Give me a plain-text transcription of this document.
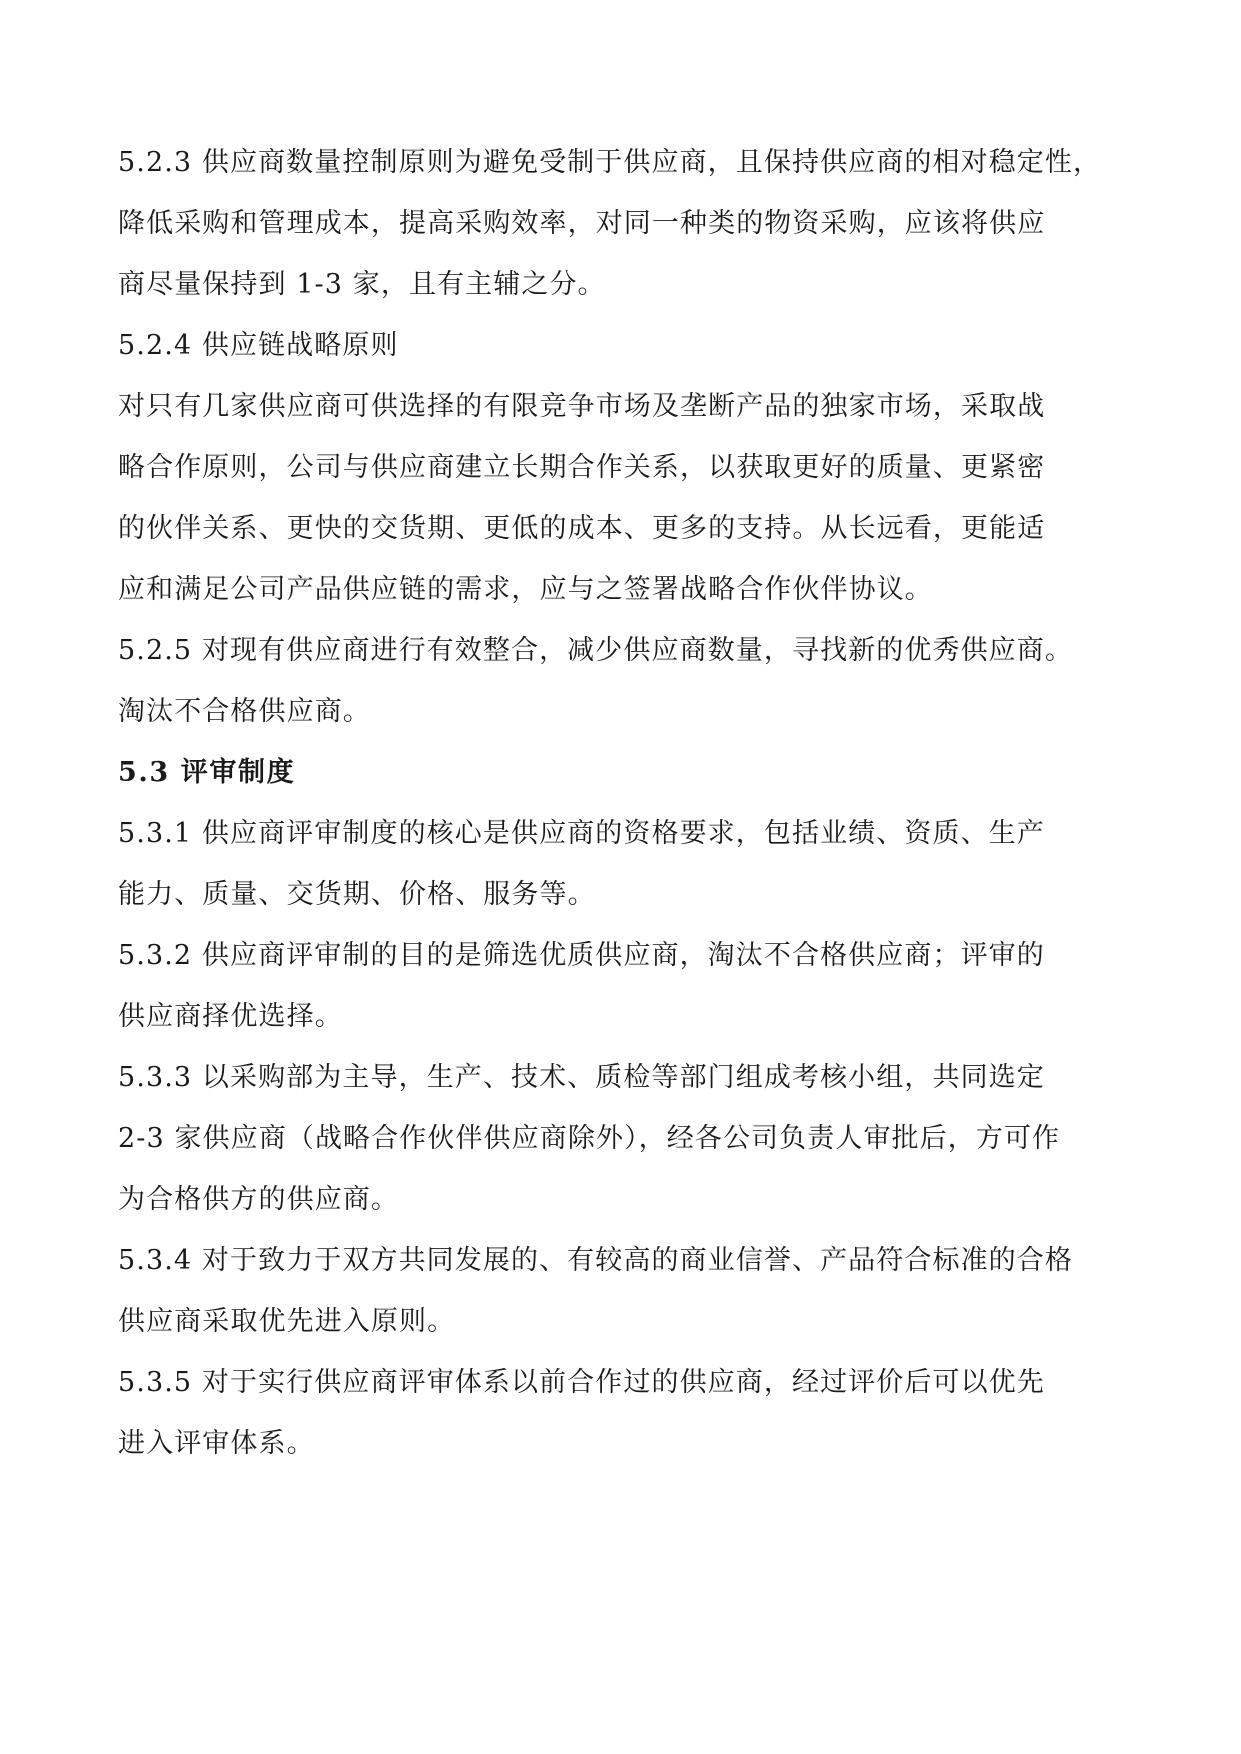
5.2.3 供应商数量控制原则为避免受制于供应商，且保持供应商的相对稳定性，

降低采购和管理成本，提高采购效率，对同一种类的物资采购，应该将供应

商尽量保持到 1-3 家，且有主辅之分。

5.2.4 供应链战略原则

对只有几家供应商可供选择的有限竞争市场及垄断产品的独家市场，采取战

略合作原则，公司与供应商建立长期合作关系，以获取更好的质量、更紧密

的伙伴关系、更快的交货期、更低的成本、更多的支持。从长远看，更能适

应和满足公司产品供应链的需求，应与之签署战略合作伙伴协议。

5.2.5 对现有供应商进行有效整合，减少供应商数量，寻找新的优秀供应商。

淘汰不合格供应商。

5.3 评审制度

5.3.1 供应商评审制度的核心是供应商的资格要求，包括业绩、资质、生产

能力、质量、交货期、价格、服务等。

5.3.2 供应商评审制的目的是筛选优质供应商，淘汰不合格供应商；评审的

供应商择优选择。

5.3.3 以采购部为主导，生产、技术、质检等部门组成考核小组，共同选定

2-3 家供应商（战略合作伙伴供应商除外），经各公司负责人审批后，方可作

为合格供方的供应商。

5.3.4 对于致力于双方共同发展的、有较高的商业信誉、产品符合标准的合格

供应商采取优先进入原则。

5.3.5 对于实行供应商评审体系以前合作过的供应商，经过评价后可以优先

进入评审体系。
